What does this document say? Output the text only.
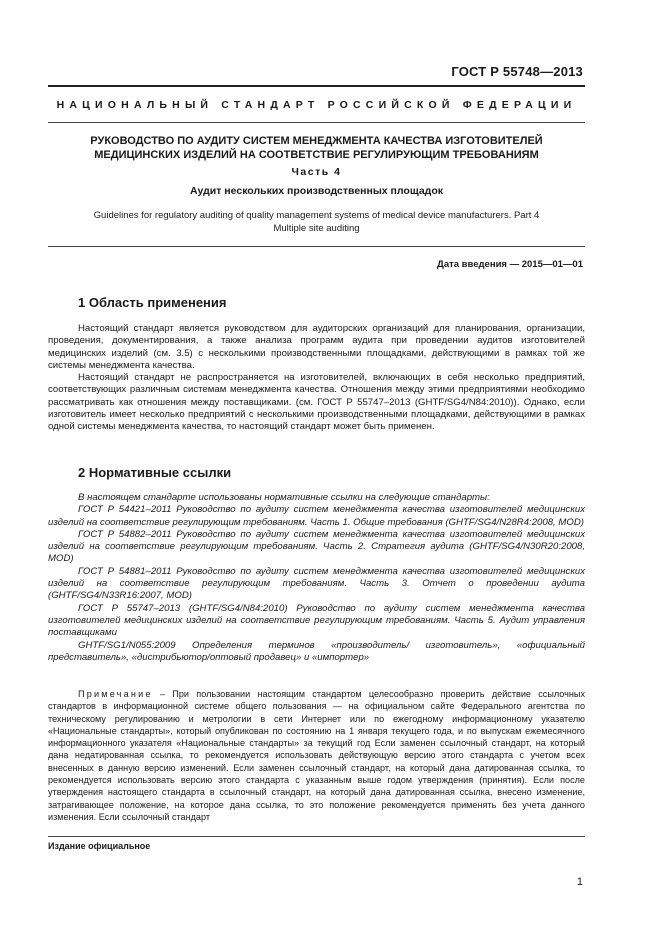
ГОСТ Р 55748—2013
НАЦИОНАЛЬНЫЙ СТАНДАРТ РОССИЙСКОЙ ФЕДЕРАЦИИ
РУКОВОДСТВО ПО АУДИТУ СИСТЕМ МЕНЕДЖМЕНТА КАЧЕСТВА ИЗГОТОВИТЕЛЕЙ
МЕДИЦИНСКИХ ИЗДЕЛИЙ НА СООТВЕТСТВИЕ РЕГУЛИРУЮЩИМ ТРЕБОВАНИЯМ
Часть 4
Аудит нескольких производственных площадок
Guidelines for regulatory auditing of quality management systems of medical device manufacturers. Part 4
Multiple site auditing
Дата введения — 2015—01—01
1 Область применения

Настоящий стандарт является руководством для аудиторских организаций для планирования, организации, проведения, документирования, а также анализа программ аудита при проведении аудитов изготовителей медицинских изделий (см. 3.5) с несколькими производственными площадками, действующими в рамках той же системы менеджмента качества.

Настоящий стандарт не распространяется на изготовителей, включающих в себя несколько предприятий, соответствующих различным системам менеджмента качества. Отношения между этими предприятиями необходимо рассматривать как отношения между поставщиками. (см. ГОСТ Р 55747–2013 (GHTF/SG4/N84:2010)). Однако, если изготовитель имеет несколько предприятий с несколькими производственными площадками, действующими в рамках одной системы менеджмента качества, то настоящий стандарт может быть применен.

2 Нормативные ссылки

В настоящем стандарте использованы нормативные ссылки на следующие стандарты:

ГОСТ Р 54421–2011 Руководство по аудиту систем менеджмента качества изготовителей медицинских изделий на соответствие регулирующим требованиям. Часть 1. Общие требования (GHTF/SG4/N28R4:2008, MOD)

ГОСТ Р 54882–2011 Руководство по аудиту систем менеджмента качества изготовителей медицинских изделий на соответствие регулирующим требованиям. Часть 2. Стратегия аудита (GHTF/SG4/N30R20:2008, MOD)

ГОСТ Р 54881–2011 Руководство по аудиту систем менеджмента качества изготовителей медицинских изделий на соответствие регулирующим требованиям. Часть 3. Отчет о проведении аудита (GHTF/SG4/N33R16:2007, MOD)

ГОСТ Р 55747–2013 (GHTF/SG4/N84:2010) Руководство по аудиту систем менеджмента качества изготовителей медицинских изделий на соответствие регулирующим требованиям. Часть 5. Аудит управления поставщиками

GHTF/SG1/N055:2009 Определения терминов «производитель/ изготовитель», «официальный представитель», «дистрибьютор/оптовый продавец» и «импортер»

Примечание – При пользовании настоящим стандартом целесообразно проверить действие ссылочных стандартов в информационной системе общего пользования — на официальном сайте Федерального агентства по техническому регулированию и метрологии в сети Интернет или по ежегодному информационному указателю «Национальные стандарты», который опубликован по состоянию на 1 января текущего года, и по выпускам ежемесячного информационного указателя «Национальные стандарты» за текущий год Если заменен ссылочный стандарт, на который дана недатированная ссылка, то рекомендуется использовать действующую версию этого стандарта с учетом всех внесенных в данную версию изменений. Если заменен ссылочный стандарт, на который дана датированная ссылка, то рекомендуется использовать версию этого стандарта с указанным выше годом утверждения (принятия). Если после утверждения настоящего стандарта в ссылочный стандарт, на который дана датированная ссылка, внесено изменение, затрагивающее положение, на которое дана ссылка, то это положение рекомендуется применять без учета данного изменения. Если ссылочный стандарт

Издание официальное
1
